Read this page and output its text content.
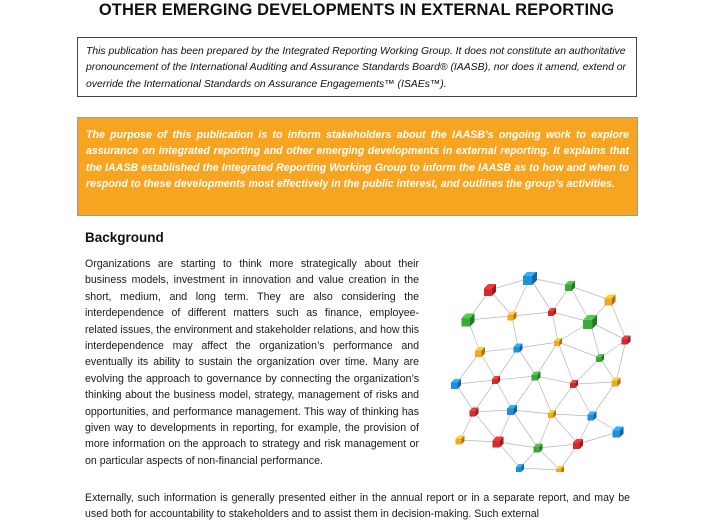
OTHER EMERGING DEVELOPMENTS IN EXTERNAL REPORTING
This publication has been prepared by the Integrated Reporting Working Group. It does not constitute an authoritative pronouncement of the International Auditing and Assurance Standards Board® (IAASB), nor does it amend, extend or override the International Standards on Assurance Engagements™ (ISAEs™).
The purpose of this publication is to inform stakeholders about the IAASB’s ongoing work to explore assurance on integrated reporting and other emerging developments in external reporting. It explains that the IAASB established the Integrated Reporting Working Group to inform the IAASB as to how and when to respond to these developments most effectively in the public interest, and outlines the group’s activities.
Background
Organizations are starting to think more strategically about their business models, investment in innovation and value creation in the short, medium, and long term. They are also considering the interdependence of different matters such as finance, employee-related issues, the environment and stakeholder relations, and how this interdependence may affect the organization’s performance and eventually its ability to sustain the organization over time. Many are evolving the approach to governance by connecting the organization’s thinking about the business model, strategy, management of risks and opportunities, and performance management. This way of thinking has given way to developments in reporting, for example, the provision of more information on the approach to strategy and risk management or on particular aspects of non-financial performance.
Externally, such information is generally presented either in the annual report or in a separate report, and may be used both for accountability to stakeholders and to assist them in decision-making. Such external
